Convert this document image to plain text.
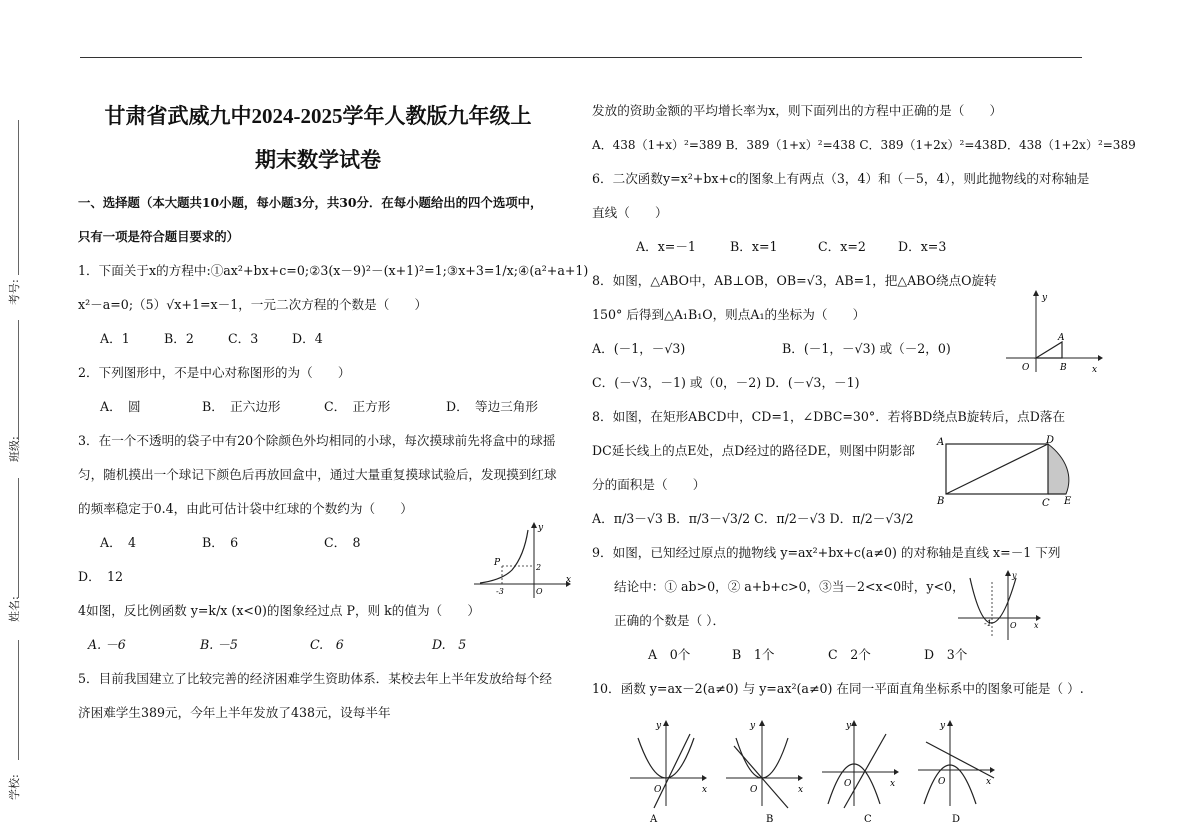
考号:
班级:
姓名:
学校:
甘肃省武威九中2024-2025学年人教版九年级上
期末数学试卷
一、选择题（本大题共10小题，每小题3分，共30分．在每小题给出的四个选项中，
只有一项是符合题目要求的）
1．下面关于x的方程中:①ax²+bx+c=0;②3(x－9)²－(x+1)²=1;③x+3=1/x;④(a²+a+1)
x²－a=0;（5）√x+1=x－1，一元二次方程的个数是（　　）
A．1	B．2	C．3	D．4
2．下列图形中，不是中心对称图形的为（　　）
A．　圆	B．　正六边形	C．　正方形	D．　等边三角形
3．在一个不透明的袋子中有20个除颜色外均相同的小球，每次摸球前先将盒中的球摇
匀，随机摸出一个球记下颜色后再放回盒中，通过大量重复摸球试验后，发现摸到红球
的频率稳定于0.4，由此可估计袋中红球的个数约为（　　）
A．　4	B．　6	C．　8
D．　12
4如图，反比例函数 y=k/x (x<0)的图象经过点 P，则 k的值为（　　）
A. －6	B. －5	C.　6	D.　5
5．目前我国建立了比较完善的经济困难学生资助体系．某校去年上半年发放给每个经
济困难学生389元，今年上半年发放了438元，设每半年
y
x
P	2
-3	O
发放的资助金额的平均增长率为x，则下面列出的方程中正确的是（　　）
A．438（1+x）²=389 B．389（1+x）²=438 C．389（1+2x）²=438D．438（1+2x）²=389
6．二次函数y=x²+bx+c的图象上有两点（3，4）和（－5，4），则此抛物线的对称轴是
直线（　　）
A．x=－1	B．x=1	C．x=2	D．x=3
8．如图，△ABO中，AB⊥OB，OB=√3，AB=1，把△ABO绕点O旋转
150° 后得到△A₁B₁O，则点A₁的坐标为（　　）
A．(－1，－√3)	B．(－1，－√3) 或（－2，0)
C．(－√3，－1) 或（0，－2) D．(－√3，－1)
8．如图，在矩形ABCD中，CD=1，∠DBC=30°．若将BD绕点B旋转后，点D落在
DC延长线上的点E处，点D经过的路径DE，则图中阴影部
分的面积是（　　）
A．π/3－√3 B．π/3－√3/2 C．π/2－√3 D．π/2－√3/2
9．如图，已知经过原点的抛物线 y=ax²+bx+c(a≠0) 的对称轴是直线 x=－1 下列
结论中：① ab>0，② a+b+c>0，③当－2<x<0时，y<0，
正确的个数是（ ）．
A　0个	B　1个	C　2个	D　3个
10．函数 y=ax－2(a≠0) 与 y=ax²(a≠0) 在同一平面直角坐标系中的图象可能是（ ）.
y
A
O	B	x
A	D
B	C E
y
-1 O x
y
O	x
A
y
O	x
B
y
O	x
C
y
O	x
D
